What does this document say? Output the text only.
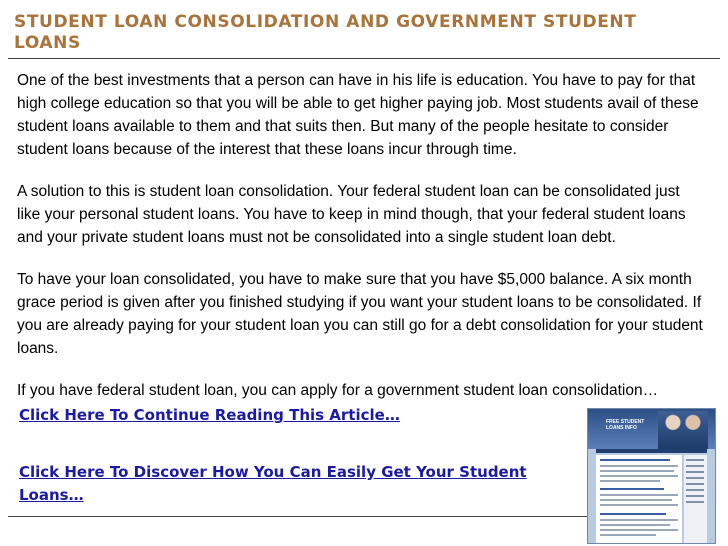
STUDENT LOAN CONSOLIDATION AND GOVERNMENT STUDENT LOANS

One of the best investments that a person can have in his life is education. You have to pay for that high college education so that you will be able to get higher paying job. Most students avail of these student loans available to them and that suits then. But many of the people hesitate to consider student loans because of the interest that these loans incur through time.

A solution to this is student loan consolidation. Your federal student loan can be consolidated just like your personal student loans. You have to keep in mind though, that your federal student loans and your private student loans must not be consolidated into a single student loan debt.

To have your loan consolidated, you have to make sure that you have $5,000 balance. A six month grace period is given after you finished studying if you want your student loans to be consolidated. If you are already paying for your student loan you can still go for a debt consolidation for your student loans.

If you have federal student loan, you can apply for a government student loan consolidation…

Click Here To Continue Reading This Article…
Click Here To Discover How You Can Easily Get Your Student Loans…
FREE STUDENT LOANS INFO
